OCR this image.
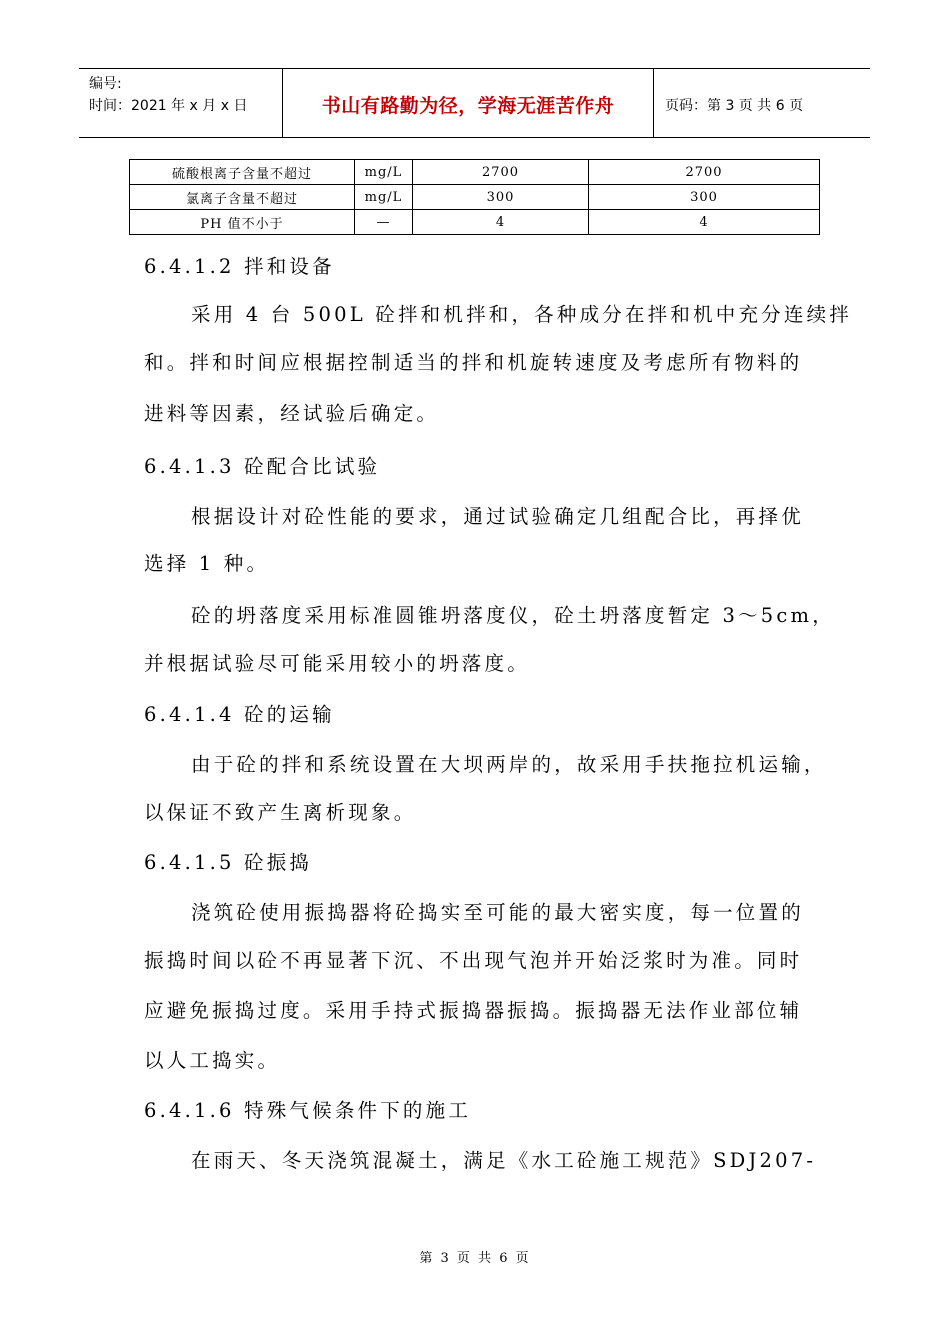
编号:
时间：2021 年 x 月 x 日	书山有路勤为径，学海无涯苦作舟	页码：第 3 页 共 6 页
硫酸根离子含量不超过	mg/L	2700	2700
氯离子含量不超过	mg/L	300	300
PH 值不小于	—	4	4
6.4.1.2 拌和设备
采用 4 台 500L 砼拌和机拌和，各种成分在拌和机中充分连续拌
和。拌和时间应根据控制适当的拌和机旋转速度及考虑所有物料的
进料等因素，经试验后确定。
6.4.1.3 砼配合比试验
根据设计对砼性能的要求，通过试验确定几组配合比，再择优
选择 1 种。
砼的坍落度采用标准圆锥坍落度仪，砼土坍落度暂定 3～5cm，
并根据试验尽可能采用较小的坍落度。
6.4.1.4 砼的运输
由于砼的拌和系统设置在大坝两岸的，故采用手扶拖拉机运输，
以保证不致产生离析现象。
6.4.1.5 砼振捣
浇筑砼使用振捣器将砼捣实至可能的最大密实度，每一位置的
振捣时间以砼不再显著下沉、不出现气泡并开始泛浆时为准。同时
应避免振捣过度。采用手持式振捣器振捣。振捣器无法作业部位辅
以人工捣实。
6.4.1.6 特殊气候条件下的施工
在雨天、冬天浇筑混凝土，满足《水工砼施工规范》SDJ207-
第 3 页 共 6 页
